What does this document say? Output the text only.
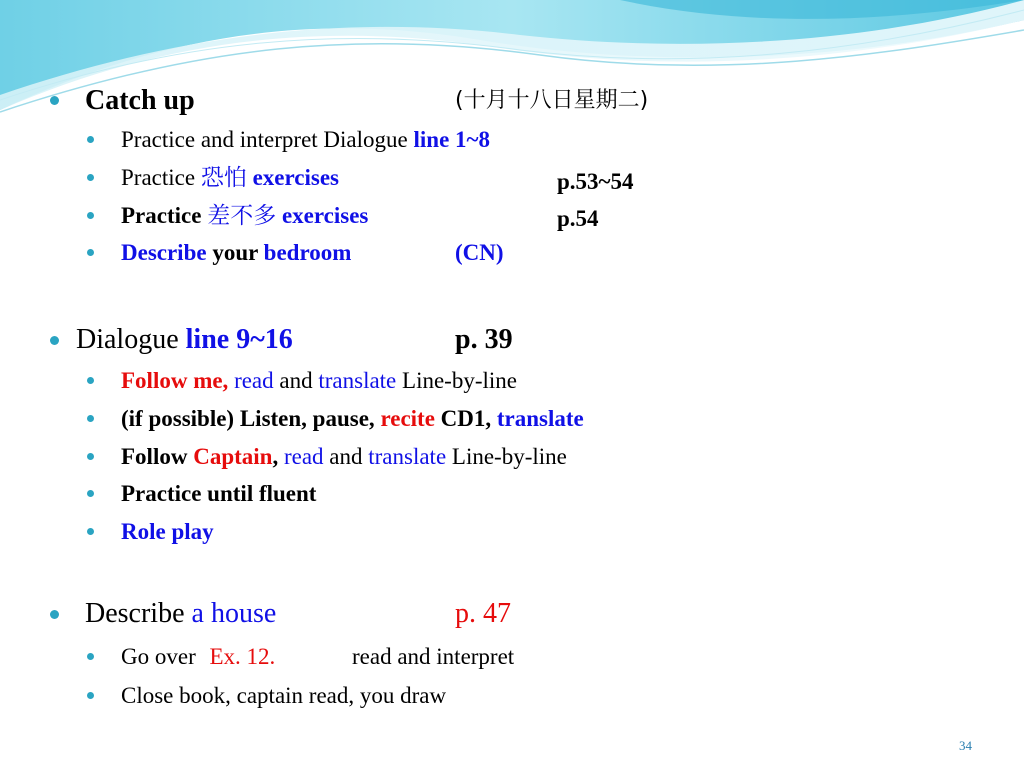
Catch up	(十月十八日星期二)
Practice and interpret Dialogue line 1~8
Practice 恐怕 exercises	p.53~54
Practice 差不多 exercises	p.54
Describe your bedroom	(CN)
Dialogue line 9~16	p. 39
Follow me, read and translate Line-by-line
(if possible) Listen, pause, recite CD1, translate
Follow Captain, read and translate Line-by-line
Practice until fluent
Role play
Describe a house	p. 47
Go over Ex. 12.	read and interpret
Close book, captain read, you draw
34
